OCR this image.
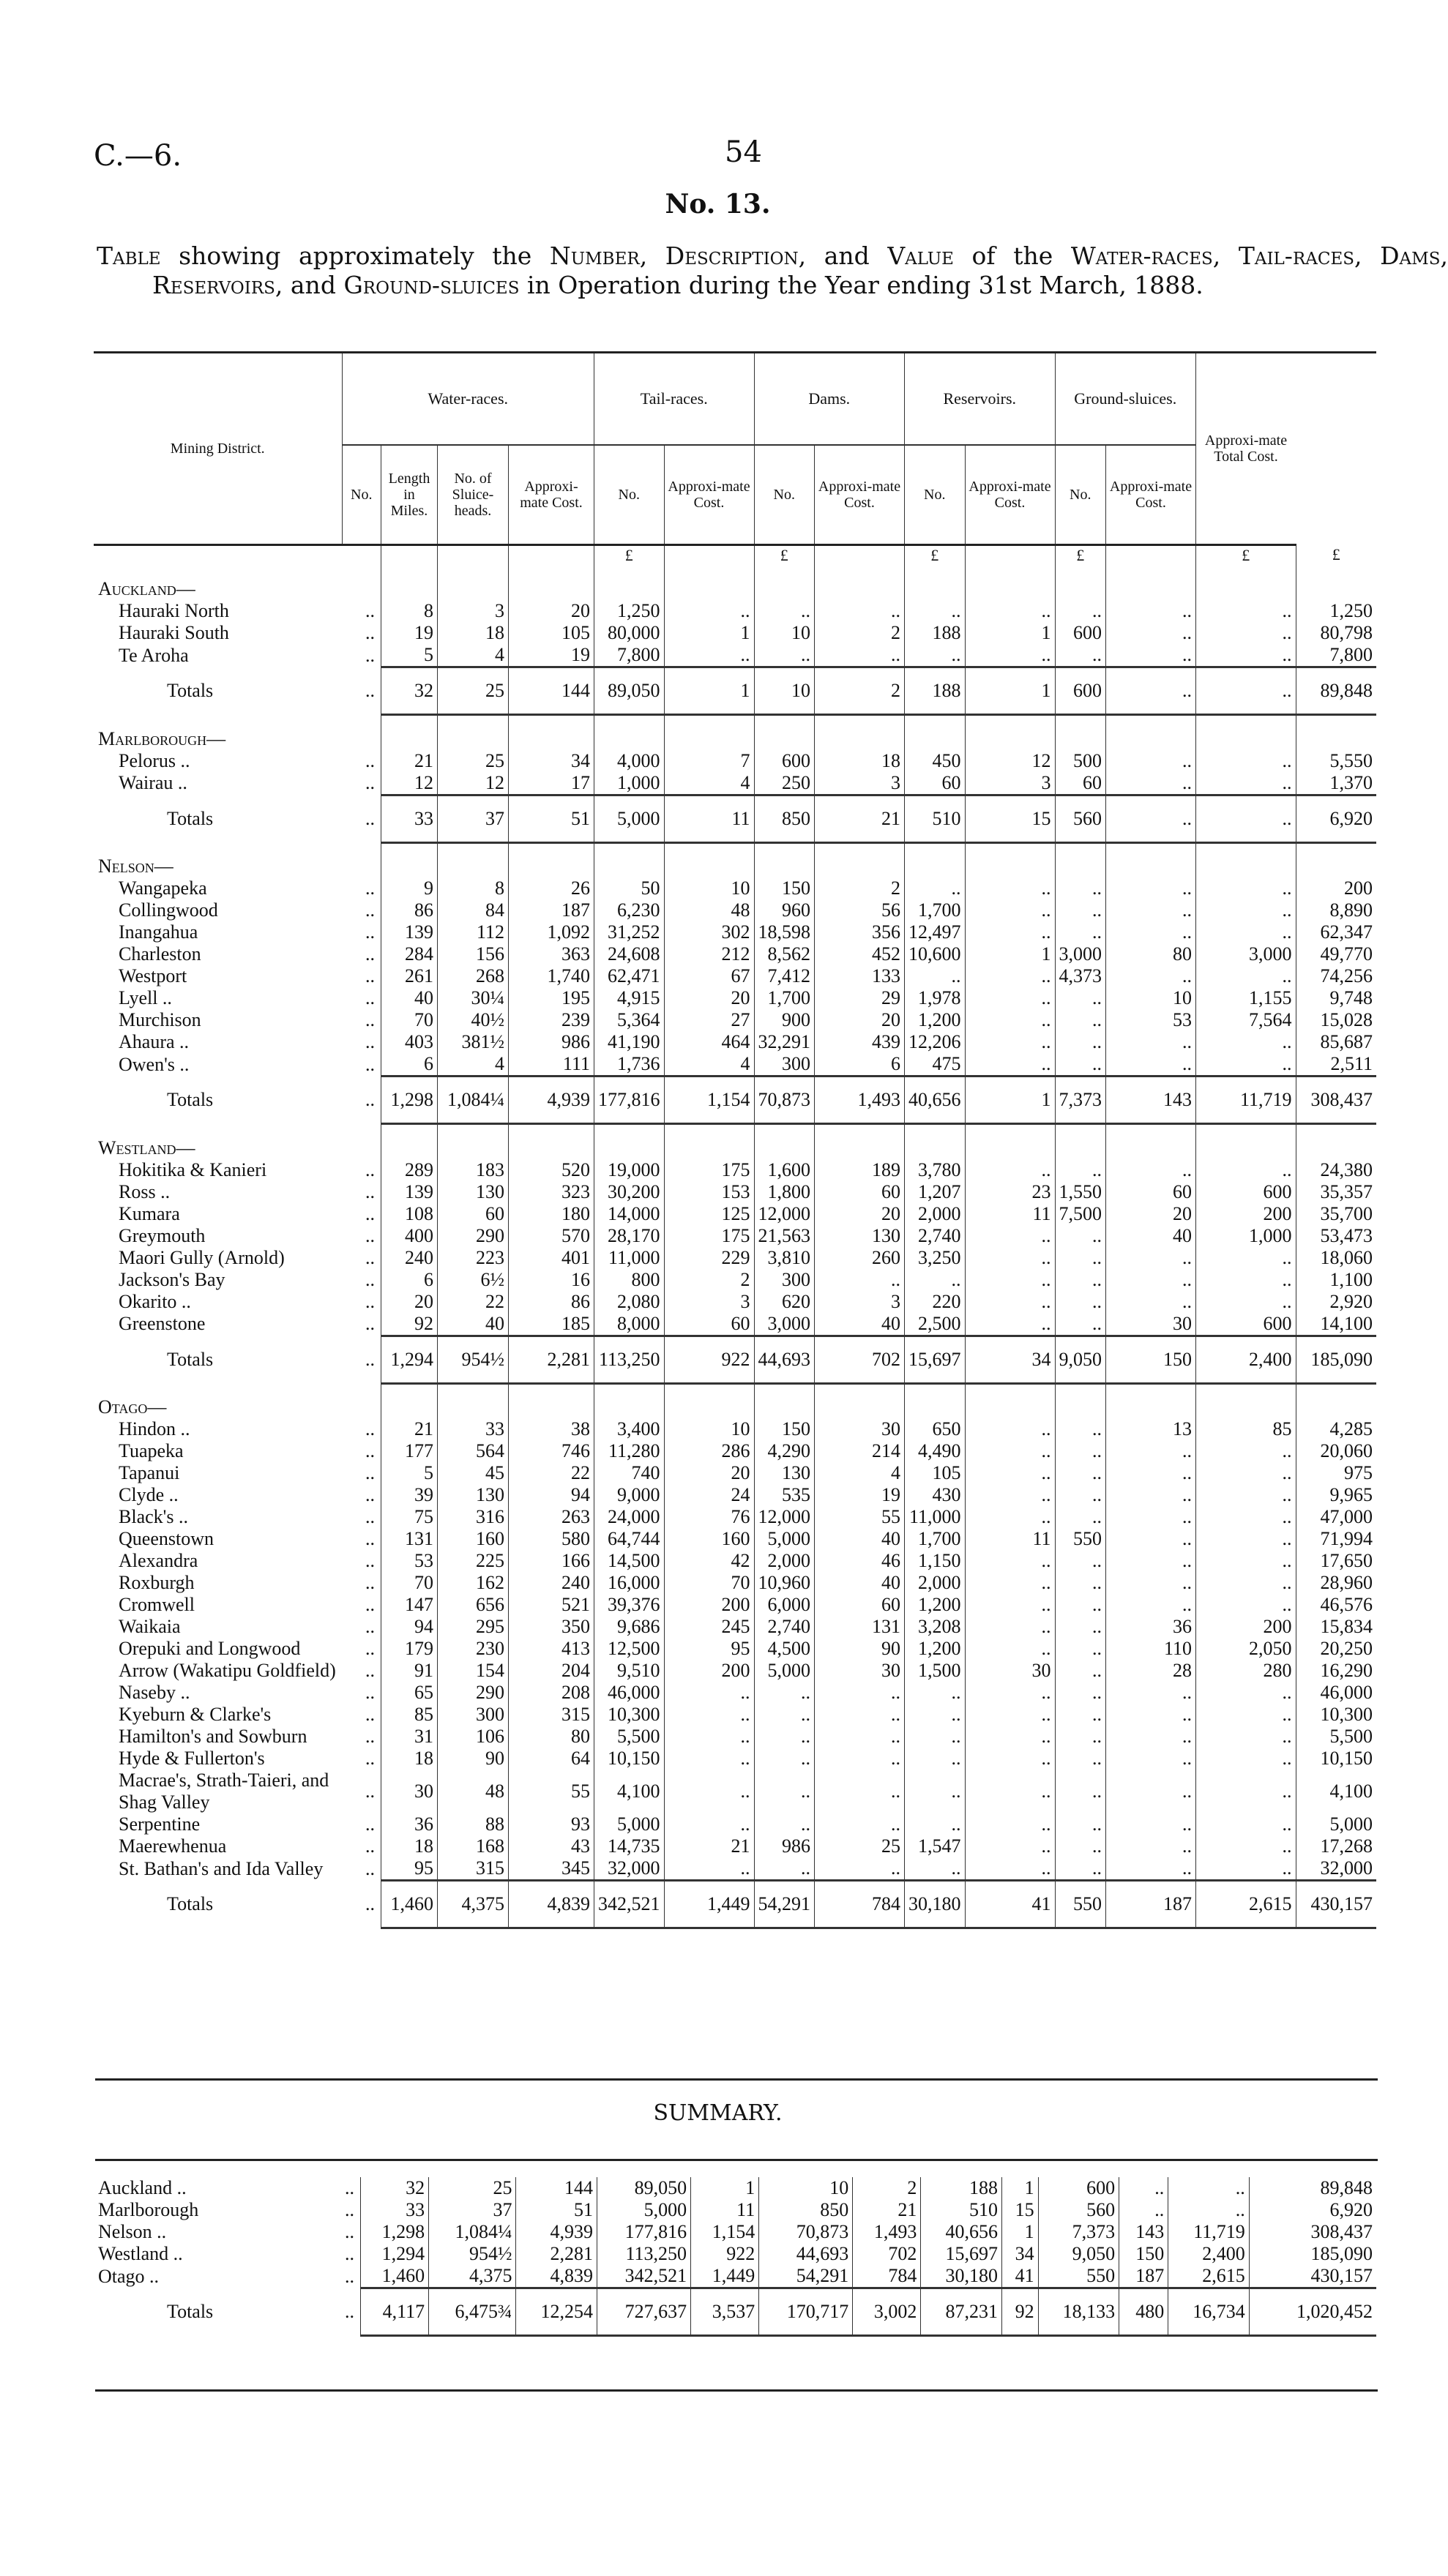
C.—6.	54
No. 13.
Table showing approximately the Number, Description, and Value of the Water-races, Tail-races, Dams, Reservoirs, and Ground-sluices in Operation during the Year ending 31st March, 1888.
Mining District.	Water-races.				Tail-races.		Dams.		Reservoirs.		Ground-sluices.		Approxi-mate Total Cost.	
	No.	Length in Miles.	No. of Sluice-heads.	Approxi-mate Cost.	No.	Approxi-mate Cost.	No.	Approxi-mate Cost.	No.	Approxi-mate Cost.	No.	Approxi-mate Cost.		
					£		£		£		£		£	£
Auckland—														
Hauraki North	..	8	3	20	1,250	..	..	..	..	..	..	..	..	1,250
Hauraki South	..	19	18	105	80,000	1	10	2	188	1	600	..	..	80,798
Te Aroha	..	5	4	19	7,800	..	..	..	..	..	..	..	..	7,800
Totals	..	32	25	144	89,050	1	10	2	188	1	600	..	..	89,848
Marlborough—														
Pelorus ..	..	21	25	34	4,000	7	600	18	450	12	500	..	..	5,550
Wairau ..	..	12	12	17	1,000	4	250	3	60	3	60	..	..	1,370
Totals	..	33	37	51	5,000	11	850	21	510	15	560	..	..	6,920
Nelson—														
Wangapeka	..	9	8	26	50	10	150	2	..	..	..	..	..	200
Collingwood	..	86	84	187	6,230	48	960	56	1,700	..	..	..	..	8,890
Inangahua	..	139	112	1,092	31,252	302	18,598	356	12,497	..	..	..	..	62,347
Charleston	..	284	156	363	24,608	212	8,562	452	10,600	1	3,000	80	3,000	49,770
Westport	..	261	268	1,740	62,471	67	7,412	133	..	..	4,373	..	..	74,256
Lyell ..	..	40	30¼	195	4,915	20	1,700	29	1,978	..	..	10	1,155	9,748
Murchison	..	70	40½	239	5,364	27	900	20	1,200	..	..	53	7,564	15,028
Ahaura ..	..	403	381½	986	41,190	464	32,291	439	12,206	..	..	..	..	85,687
Owen's ..	..	6	4	111	1,736	4	300	6	475	..	..	..	..	2,511
Totals	..	1,298	1,084¼	4,939	177,816	1,154	70,873	1,493	40,656	1	7,373	143	11,719	308,437
Westland—														
Hokitika & Kanieri	..	289	183	520	19,000	175	1,600	189	3,780	..	..	..	..	24,380
Ross ..	..	139	130	323	30,200	153	1,800	60	1,207	23	1,550	60	600	35,357
Kumara	..	108	60	180	14,000	125	12,000	20	2,000	11	7,500	20	200	35,700
Greymouth	..	400	290	570	28,170	175	21,563	130	2,740	..	..	40	1,000	53,473
Maori Gully (Arnold)	..	240	223	401	11,000	229	3,810	260	3,250	..	..	..	..	18,060
Jackson's Bay	..	6	6½	16	800	2	300	..	..	..	..	..	..	1,100
Okarito ..	..	20	22	86	2,080	3	620	3	220	..	..	..	..	2,920
Greenstone	..	92	40	185	8,000	60	3,000	40	2,500	..	..	30	600	14,100
Totals	..	1,294	954½	2,281	113,250	922	44,693	702	15,697	34	9,050	150	2,400	185,090
Otago—														
Hindon ..	..	21	33	38	3,400	10	150	30	650	..	..	13	85	4,285
Tuapeka	..	177	564	746	11,280	286	4,290	214	4,490	..	..	..	..	20,060
Tapanui	..	5	45	22	740	20	130	4	105	..	..	..	..	975
Clyde ..	..	39	130	94	9,000	24	535	19	430	..	..	..	..	9,965
Black's ..	..	75	316	263	24,000	76	12,000	55	11,000	..	..	..	..	47,000
Queenstown	..	131	160	580	64,744	160	5,000	40	1,700	11	550	..	..	71,994
Alexandra	..	53	225	166	14,500	42	2,000	46	1,150	..	..	..	..	17,650
Roxburgh	..	70	162	240	16,000	70	10,960	40	2,000	..	..	..	..	28,960
Cromwell	..	147	656	521	39,376	200	6,000	60	1,200	..	..	..	..	46,576
Waikaia	..	94	295	350	9,686	245	2,740	131	3,208	..	..	36	200	15,834
Orepuki and Longwood	..	179	230	413	12,500	95	4,500	90	1,200	..	..	110	2,050	20,250
Arrow (Wakatipu Goldfield)	..	91	154	204	9,510	200	5,000	30	1,500	30	..	28	280	16,290
Naseby ..	..	65	290	208	46,000	..	..	..	..	..	..	..	..	46,000
Kyeburn & Clarke's	..	85	300	315	10,300	..	..	..	..	..	..	..	..	10,300
Hamilton's and Sowburn	..	31	106	80	5,500	..	..	..	..	..	..	..	..	5,500
Hyde & Fullerton's	..	18	90	64	10,150	..	..	..	..	..	..	..	..	10,150
Macrae's, Strath-Taieri, and Shag Valley	..	30	48	55	4,100	..	..	..	..	..	..	..	..	4,100
Serpentine	..	36	88	93	5,000	..	..	..	..	..	..	..	..	5,000
Maerewhenua	..	18	168	43	14,735	21	986	25	1,547	..	..	..	..	17,268
St. Bathan's and Ida Valley	..	95	315	345	32,000	..	..	..	..	..	..	..	..	32,000
Totals	..	1,460	4,375	4,839	342,521	1,449	54,291	784	30,180	41	550	187	2,615	430,157
SUMMARY.
Auckland ..	..	32	25	144	89,050	1	10	2	188	1	600	..	..	89,848
Marlborough	..	33	37	51	5,000	11	850	21	510	15	560	..	..	6,920
Nelson ..	..	1,298	1,084¼	4,939	177,816	1,154	70,873	1,493	40,656	1	7,373	143	11,719	308,437
Westland ..	..	1,294	954½	2,281	113,250	922	44,693	702	15,697	34	9,050	150	2,400	185,090
Otago ..	..	1,460	4,375	4,839	342,521	1,449	54,291	784	30,180	41	550	187	2,615	430,157
Totals	..	4,117	6,475¾	12,254	727,637	3,537	170,717	3,002	87,231	92	18,133	480	16,734	1,020,452
